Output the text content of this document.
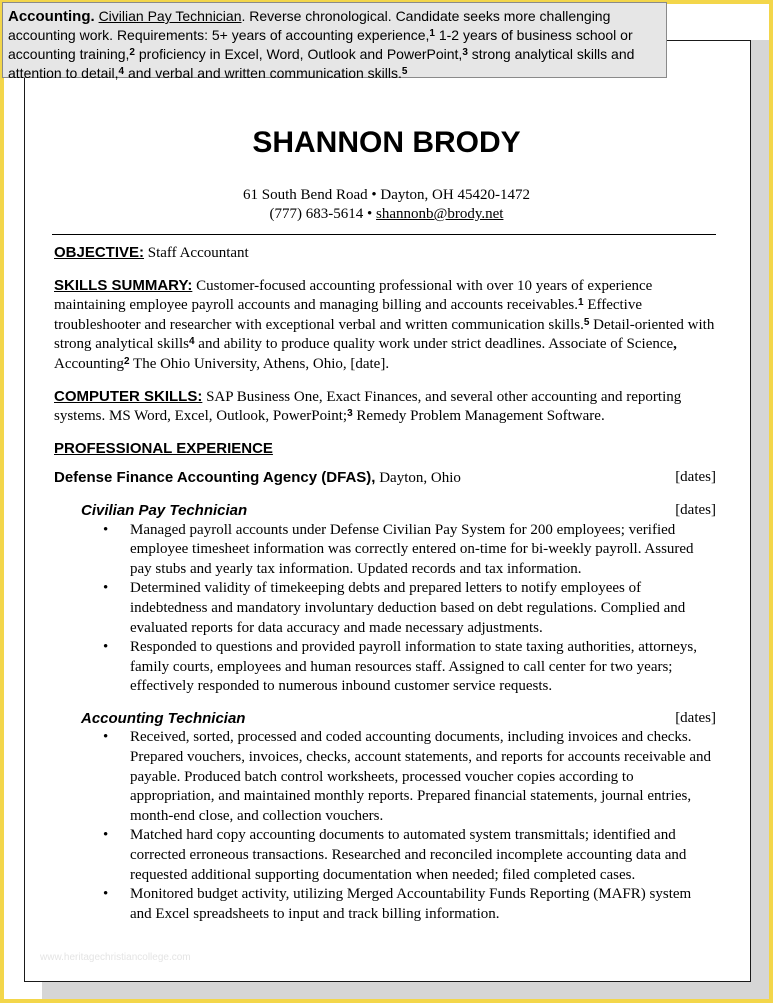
Accounting. Civilian Pay Technician. Reverse chronological. Candidate seeks more challenging accounting work. Requirements: 5+ years of accounting experience,$^1$ 1-2 years of business school or accounting training,$^2$ proficiency in Excel, Word, Outlook and PowerPoint,$^3$ strong analytical skills and attention to detail,$^4$ and verbal and written communication skills.$^5$
SHANNON BRODY
61 South Bend Road • Dayton, OH 45420-1472
(777) 683-5614 • shannonb@brody.net
OBJECTIVE: Staff Accountant
SKILLS SUMMARY: Customer-focused accounting professional with over 10 years of experience maintaining employee payroll accounts and managing billing and accounts receivables.$^1$ Effective troubleshooter and researcher with exceptional verbal and written communication skills.$^5$ Detail-oriented with strong analytical skills$^4$ and ability to produce quality work under strict deadlines. Associate of Science, Accounting$^2$ The Ohio University, Athens, Ohio, [date].
COMPUTER SKILLS: SAP Business One, Exact Finances, and several other accounting and reporting systems. MS Word, Excel, Outlook, PowerPoint;$^3$ Remedy Problem Management Software.
PROFESSIONAL EXPERIENCE
Defense Finance Accounting Agency (DFAS), Dayton, Ohio	[dates]
Civilian Pay Technician	[dates]
• Managed payroll accounts under Defense Civilian Pay System for 200 employees; verified employee timesheet information was correctly entered on-time for bi-weekly payroll. Assured pay stubs and yearly tax information. Updated records and tax information.
• Determined validity of timekeeping debts and prepared letters to notify employees of indebtedness and mandatory involuntary deduction based on debt regulations. Complied and evaluated reports for data accuracy and made necessary adjustments.
• Responded to questions and provided payroll information to state taxing authorities, attorneys, family courts, employees and human resources staff. Assigned to call center for two years; effectively responded to numerous inbound customer service requests.
Accounting Technician	[dates]
• Received, sorted, processed and coded accounting documents, including invoices and checks. Prepared vouchers, invoices, checks, account statements, and reports for accounts receivable and payable. Produced batch control worksheets, processed voucher copies according to appropriation, and maintained monthly reports. Prepared financial statements, journal entries, month-end close, and collection vouchers.
• Matched hard copy accounting documents to automated system transmittals; identified and corrected erroneous transactions. Researched and reconciled incomplete accounting data and requested additional supporting documentation when needed; filed completed cases.
• Monitored budget activity, utilizing Merged Accountability Funds Reporting (MAFR) system and Excel spreadsheets to input and track billing information.
www.heritagechristiancollege.com
